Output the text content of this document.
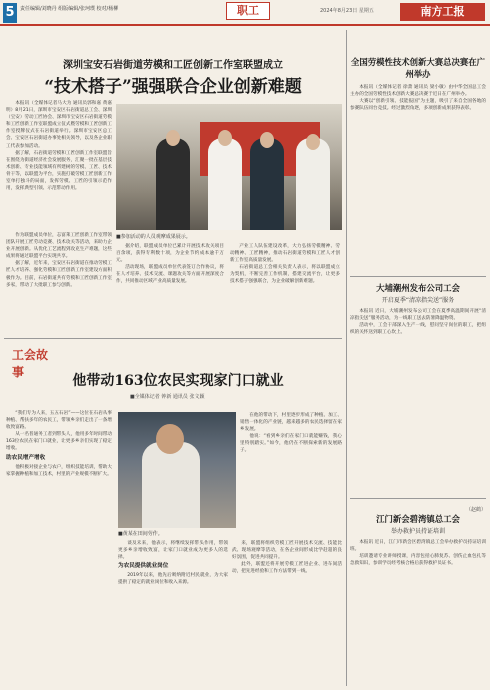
5	责任编辑/刘晓丹 组版编辑/张珂璞 校对/杨柳	职工	2024年8月23日 星期五	南方工报
深圳宝安石岩街道劳模和工匠创新工作室联盟成立
“技术搭子”强强联合企业创新难题

本报讯（全媒体记者马大为 通讯员郭和嘉 黄嘉明）8月21日，深圳市宝安区石岩街道总工会、深圳（宝安）劳动工匠协会、深圳市宝安区石岩街道劳模和工匠创新工作室联盟成立仪式暨劳模和工匠创新工作室授牌仪式在石岩街道举行。深圳市宝安区总工会、宝安区石岩街道办事处相关领导，以及各企业职工代表参加活动。

据了解，石岩街道劳模和工匠创新工作室联盟旨在围绕为街道经济社会发展服务，汇聚一批在基层技术创新、专业技能领域有所建树的劳模、工匠、技术骨干等，以联盟为平台，实施打破劳模工匠创新工作室单打独斗的局面，发挥劳模、工匠的引领示范作用，发挥典型引领、示范带动作用。

■参加活动的人员观摩成果展示。

作为联盟成员单位，志富莱工匠创新工作室带领团队开展工匠劳动竞赛、技术攻关等活动，来助力企业开展创新。从优化工艺流程到攻克生产难题，这些成果将通过联盟平台实现共享。

据了解，近年来，宝安区石岩街道在推动劳模工匠人才培养、强化劳模和工匠创新工作室建设方面积极作为。目前，石岩街道共有劳模和工匠创新工作室多家，带动了大批职工参与创新。

据介绍，联盟成员单位已累计开展技术攻关项目百余项，获得专利数十项，为企业节约成本逾千万元。

活动现场，联盟成员单位代表签订合作协议，将在人才培养、技术交流、课题攻关等方面开展深度合作，共同推动区域产业高质量发展。

产业工人队伍建设改革，大力弘扬劳模精神、劳动精神、工匠精神，推动石岩街道劳模和工匠人才创新工作室高质量发展。

石岩街道总工会相关负责人表示，将以联盟成立为契机，不断完善工作机制，搭建交流平台，让更多技术搭子强强联合，为企业破解创新难题。

工会故事
他带动163位农民实现家门口就业
■全媒体记者 钟新 通讯员 张文颖

“我们专为人来，五五石岩”——这位在石岩从事种植、帮扶多年的农民工，带领乡亲们走出了一条增收致富路。

从一名普通务工者到带头人，他用多年时间带动163位农民在家门口就业，让更多乡亲们实现了稳定增收。

助农民增产增收

他积极对接企业与农户，组织技能培训，帮助大家掌握种植和加工技术，村里的产业规模不断扩大。

■黄某在田间劳作。

在他的带动下，村里逐步形成了种植、加工、销售一体化的产业链，越来越多的农民选择留在家乡发展。

他说：“看到乡亲们在家门口就能赚钱，我心里特别踏实。”如今，他仍在不断探索新的发展路子。

谈及未来，他表示，将继续发挥带头作用，带领更多乡亲增收致富，让家门口就业成为更多人的选择。

为农民提供就业岗位

2019年以来，他先后吸纳附近村民就业，为大家提供了稳定的就业岗位和收入来源。

来，联盟将组织劳模工匠开展技术交流、技能比武、现场观摩等活动，在各企业间形成比学赶超的良好氛围，促进共同提升。

此外，联盟还将开展劳模工匠进企业、进车间活动，把先进经验和工作方法带到一线。

全国劳模性技术创新大赛总决赛在广州举办

本报讯（全媒体记者 徐萧 通讯员 梁小敏）由中华全国总工会主办的全国劳模性技术创新大赛总决赛于近日在广州举办。

大赛以“创新引领、技能报国”为主题，吸引了来自全国各地的参赛队伍同台竞技。经过激烈角逐，多项创新成果获得表彰。

大埔潮州发布公司工会
开启夏季“清凉指尖送”服务

本报讯 近日，大埔潮州发布公司工会在夏季高温期间开展“清凉指尖送”服务活动，为一线职工送去防暑降温物资。

活动中，工会干部深入生产一线，慰问坚守岗位的职工，把组织的关怀送到职工心坎上。

（赵鹤）
江门新会碧湾镇总工会
举办救护员持证培训

本报讯 近日，江门市新会区碧湾镇总工会举办救护员持证培训班。

培训邀请专业讲师授课，内容包括心肺复苏、创伤止血包扎等急救知识，参训学员经考核合格后获得救护员证书。
